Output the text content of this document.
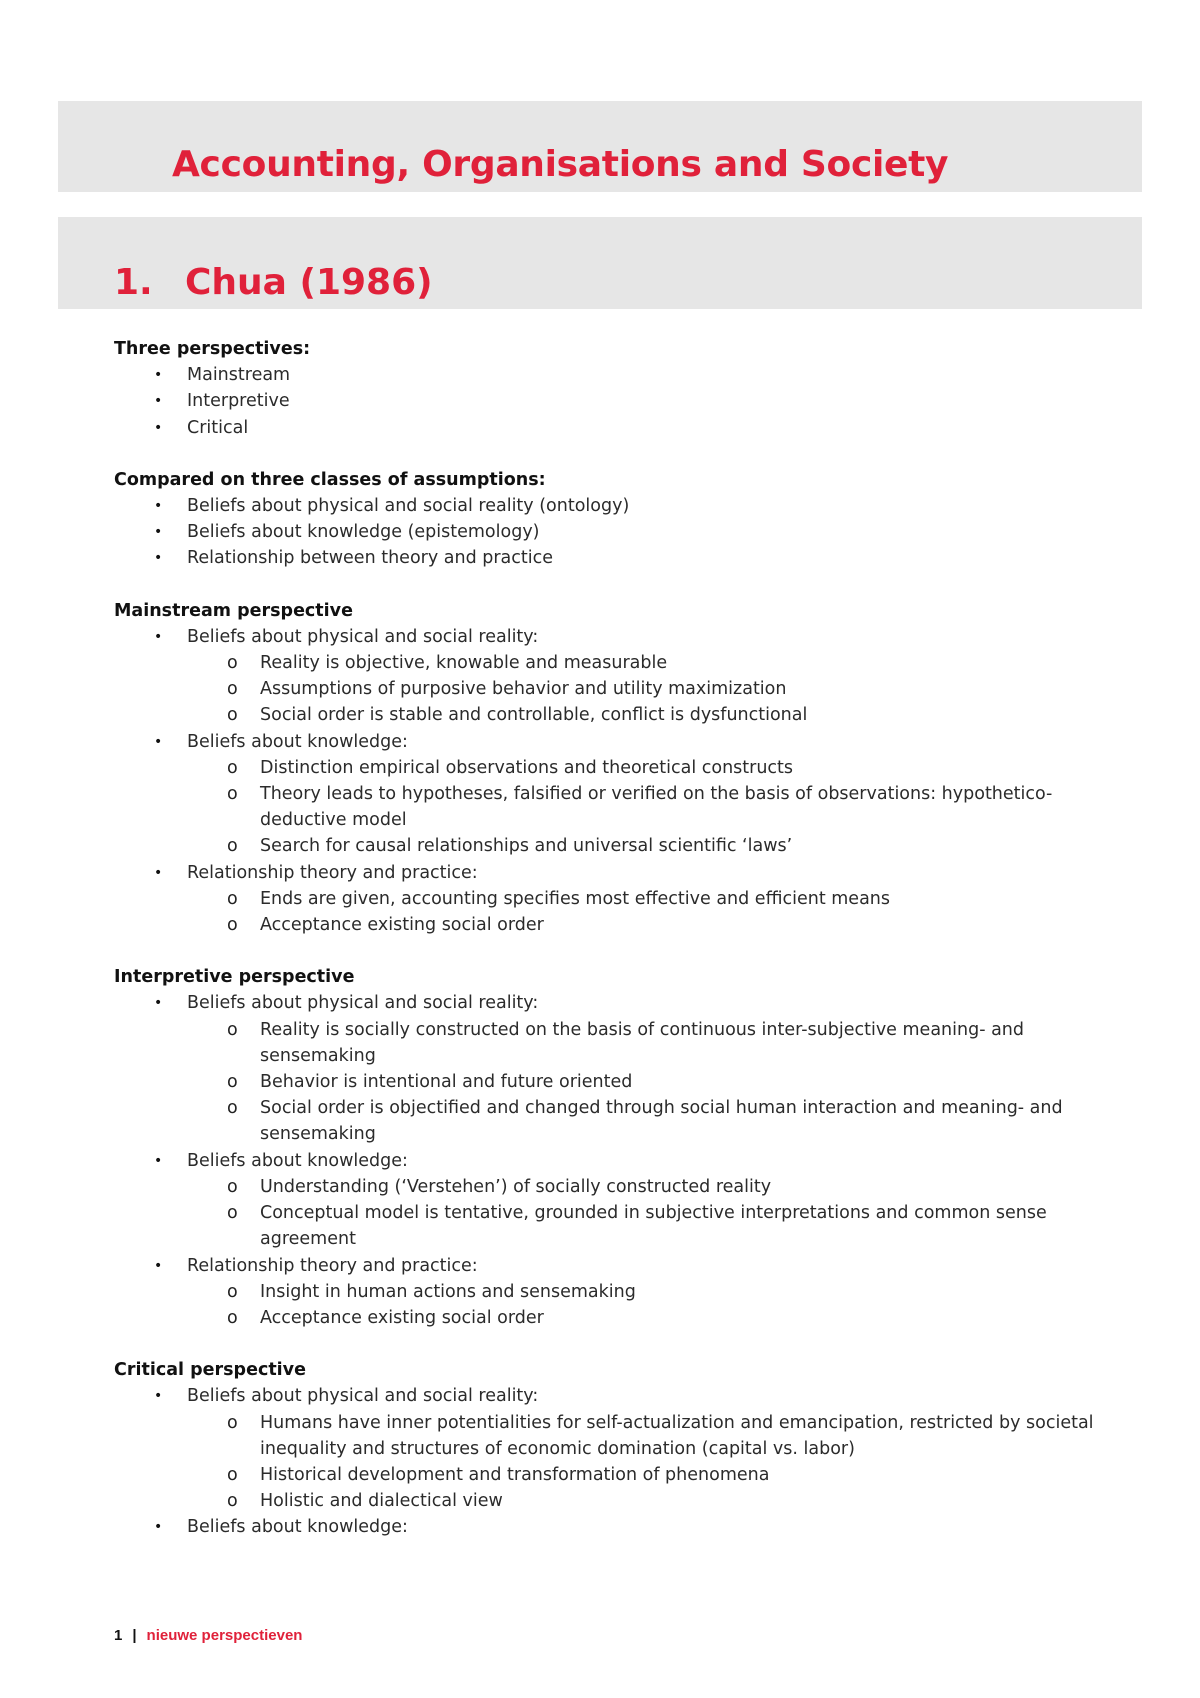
Accounting, Organisations and Society
1. Chua (1986)
Three perspectives:
•	Mainstream
•	Interpretive
•	Critical
Compared on three classes of assumptions:
•	Beliefs about physical and social reality (ontology)
•	Beliefs about knowledge (epistemology)
•	Relationship between theory and practice
Mainstream perspective
•	Beliefs about physical and social reality:
o	Reality is objective, knowable and measurable
o	Assumptions of purposive behavior and utility maximization
o	Social order is stable and controllable, conflict is dysfunctional
•	Beliefs about knowledge:
o	Distinction empirical observations and theoretical constructs
o	Theory leads to hypotheses, falsified or verified on the basis of observations: hypothetico-deductive model
o	Search for causal relationships and universal scientific ‘laws’
•	Relationship theory and practice:
o	Ends are given, accounting specifies most effective and efficient means
o	Acceptance existing social order
Interpretive perspective
•	Beliefs about physical and social reality:
o	Reality is socially constructed on the basis of continuous inter-subjective meaning- and sensemaking
o	Behavior is intentional and future oriented
o	Social order is objectified and changed through social human interaction and meaning- and sensemaking
•	Beliefs about knowledge:
o	Understanding (‘Verstehen’) of socially constructed reality
o	Conceptual model is tentative, grounded in subjective interpretations and common sense agreement
•	Relationship theory and practice:
o	Insight in human actions and sensemaking
o	Acceptance existing social order
Critical perspective
•	Beliefs about physical and social reality:
o	Humans have inner potentialities for self-actualization and emancipation, restricted by societal inequality and structures of economic domination (capital vs. labor)
o	Historical development and transformation of phenomena
o	Holistic and dialectical view
•	Beliefs about knowledge:
1 | nieuwe perspectieven
